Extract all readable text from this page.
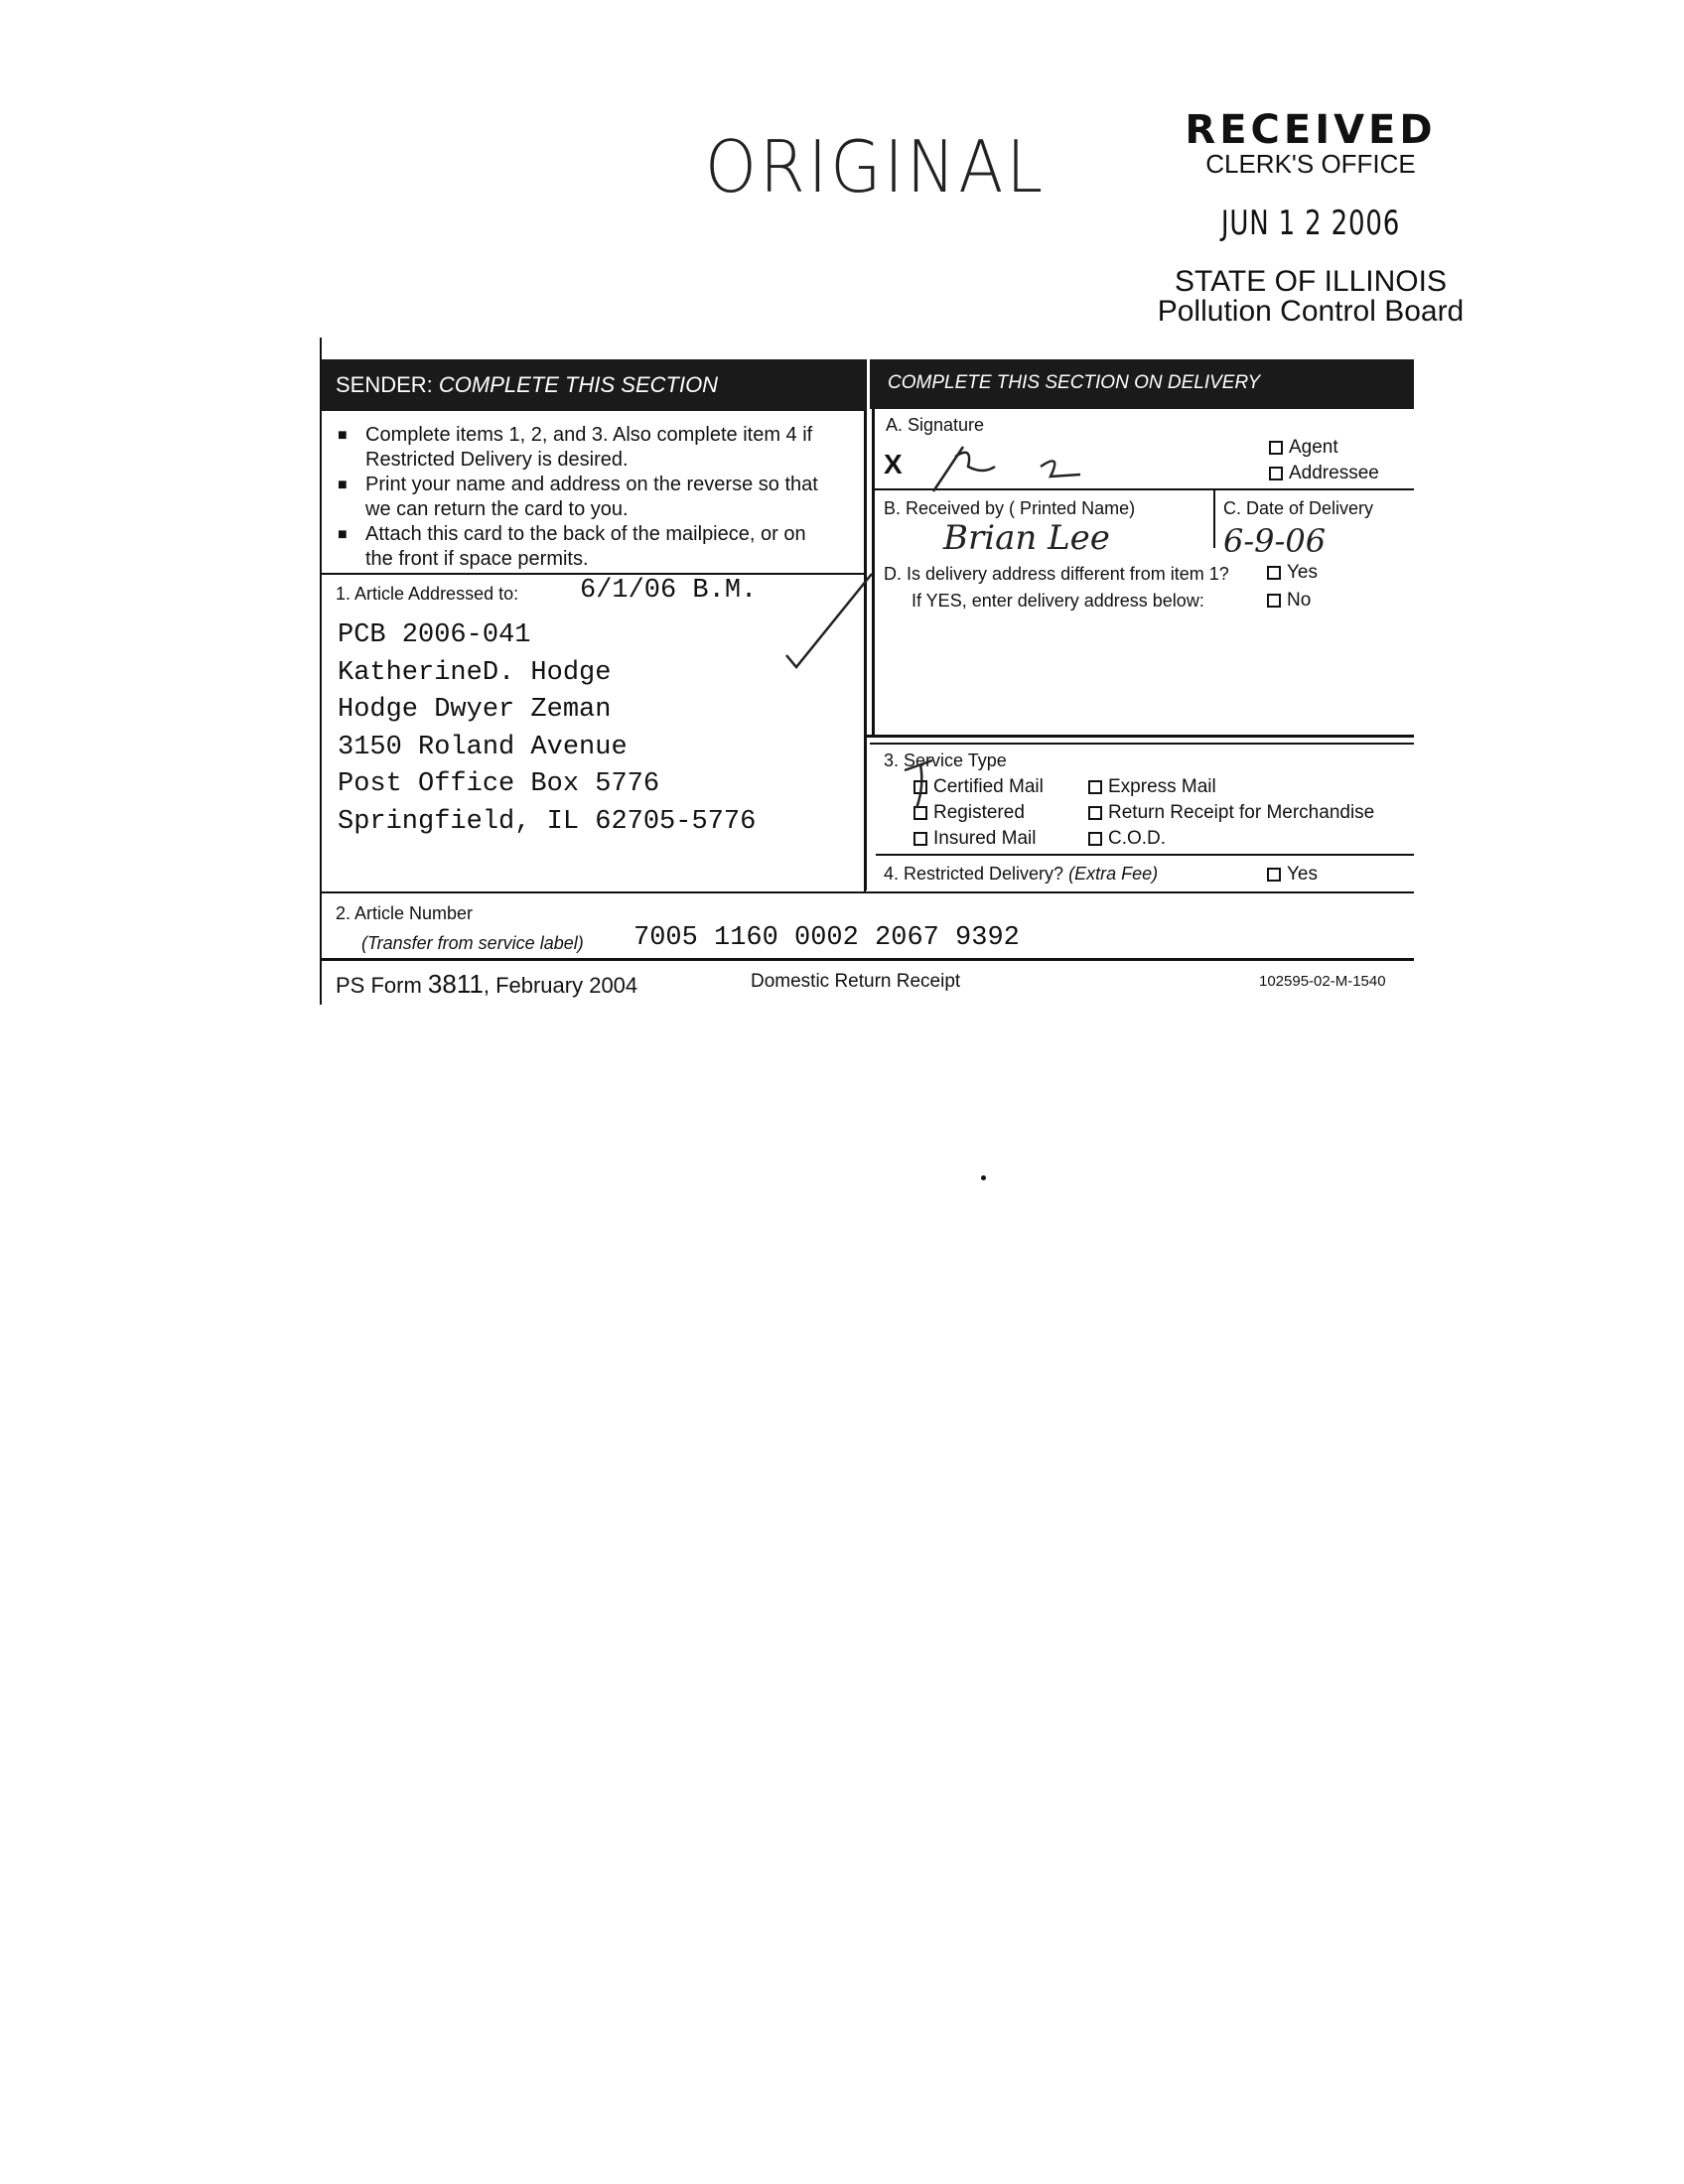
ORIGINAL	RECEIVED
CLERK'S OFFICE
JUN 1 2 2006
STATE OF ILLINOIS
Pollution Control Board
SENDER: COMPLETE THIS SECTION	COMPLETE THIS SECTION ON DELIVERY
■ Complete items 1, 2, and 3. Also complete item 4 if Restricted Delivery is desired.
■ Print your name and address on the reverse so that we can return the card to you.
■ Attach this card to the back of the mailpiece, or on the front if space permits.
1. Article Addressed to: 6/1/06 B.M.
PCB 2006-041
KatherineD. Hodge
Hodge Dwyer Zeman
3150 Roland Avenue
Post Office Box 5776
Springfield, IL 62705-5776
A. Signature
X
Agent
Addressee
B. Received by ( Printed Name)
Brian Lee
C. Date of Delivery
6-9-06
D. Is delivery address different from item 1?
If YES, enter delivery address below:
Yes
No
3. Service Type
Certified Mail
Registered
Insured Mail
Express Mail
Return Receipt for Merchandise
C.O.D.
4. Restricted Delivery? (Extra Fee)	Yes
2. Article Number
(Transfer from service label) 7005 1160 0002 2067 9392
PS Form 3811, February 2004	Domestic Return Receipt	102595-02-M-1540
